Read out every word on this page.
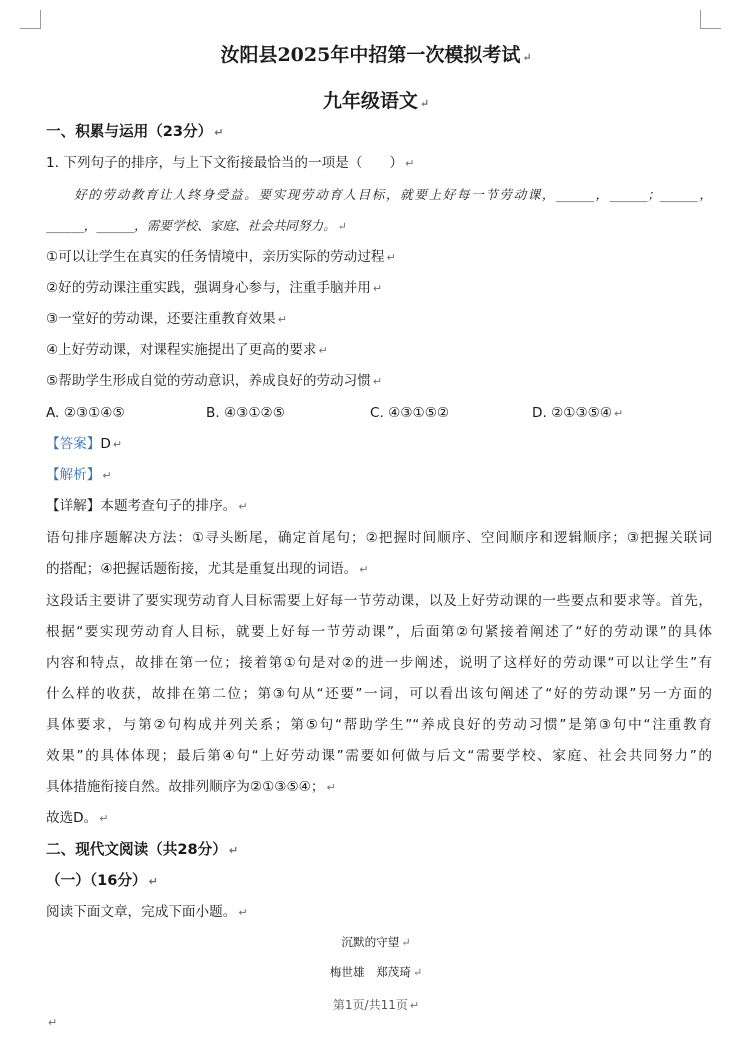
汝阳县2025年中招第一次模拟考试 ↵
九年级语文 ↵
一、积累与运用（23分） ↵
1. 下列句子的排序，与上下文衔接最恰当的一项是（　　） ↵
好的劳动教育让人终身受益。要实现劳动育人目标，就要上好每一节劳动课，______，______；______，
______，______，需要学校、家庭、社会共同努力。 ↵
①可以让学生在真实的任务情境中，亲历实际的劳动过程 ↵
②好的劳动课注重实践，强调身心参与，注重手脑并用 ↵
③一堂好的劳动课，还要注重教育效果 ↵
④上好劳动课，对课程实施提出了更高的要求 ↵
⑤帮助学生形成自觉的劳动意识，养成良好的劳动习惯 ↵
A. ②③①④⑤	B. ④③①②⑤	C. ④③①⑤②	D. ②①③⑤④ ↵
【答案】D ↵
【解析】 ↵
【详解】本题考查句子的排序。 ↵
语句排序题解决方法：①寻头断尾，确定首尾句；②把握时间顺序、空间顺序和逻辑顺序；③把握关联词
的搭配；④把握话题衔接，尤其是重复出现的词语。 ↵
这段话主要讲了要实现劳动育人目标需要上好每一节劳动课，以及上好劳动课的一些要点和要求等。首先，
根据“要实现劳动育人目标，就要上好每一节劳动课”，后面第②句紧接着阐述了“好的劳动课”的具体
内容和特点，故排在第一位；接着第①句是对②的进一步阐述，说明了这样好的劳动课“可以让学生”有
什么样的收获，故排在第二位；第③句从“还要”一词，可以看出该句阐述了“好的劳动课”另一方面的
具体要求，与第②句构成并列关系；第⑤句“帮助学生”“养成良好的劳动习惯”是第③句中“注重教育
效果”的具体体现；最后第④句“上好劳动课”需要如何做与后文“需要学校、家庭、社会共同努力”的
具体措施衔接自然。故排列顺序为②①③⑤④； ↵
故选D。 ↵
二、现代文阅读（共28分） ↵
（一）（16分） ↵
阅读下面文章，完成下面小题。 ↵
沉默的守望 ↵
梅世雄　郑茂琦 ↵
第1页/共11页 ↵
↵
